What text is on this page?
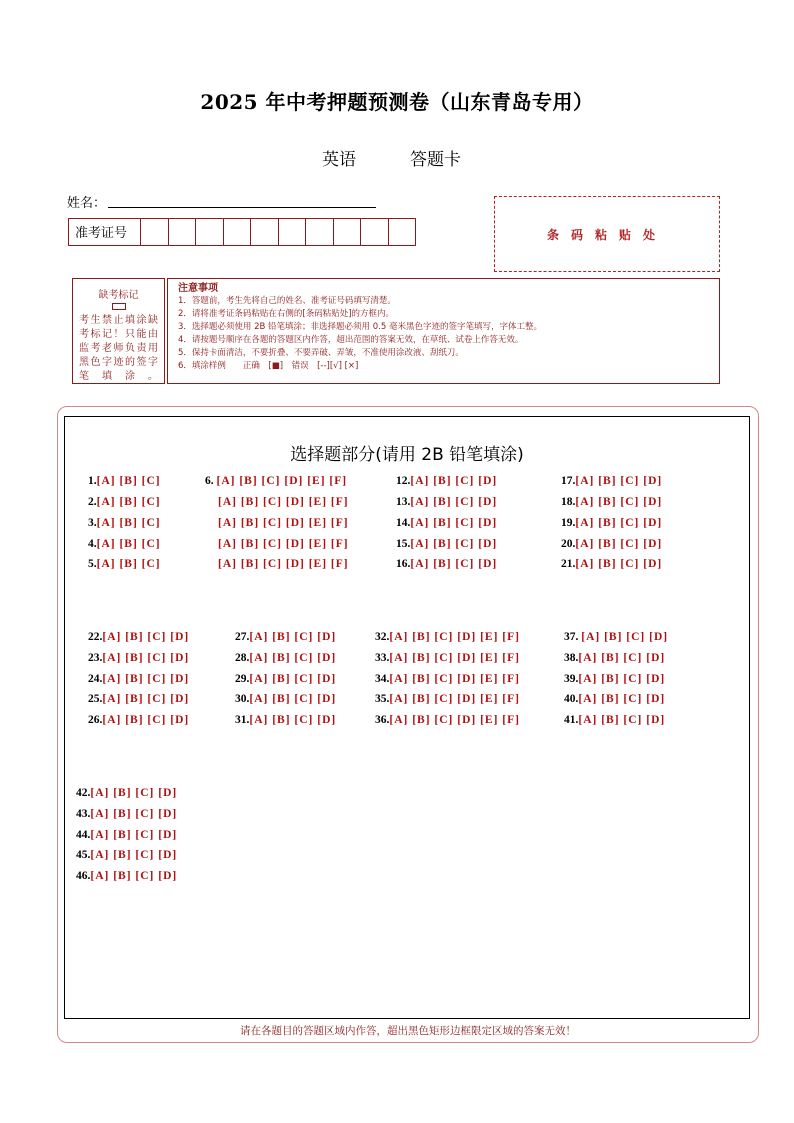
2025 年中考押题预测卷（山东青岛专用）
英语	答题卡
姓名：
准考证号	条码粘贴处
缺考标记
考生禁止填涂缺考标记！只能由监考老师负责用黑色字迹的签字笔填涂。
注意事项
1．答题前，考生先将自己的姓名、准考证号码填写清楚。
2．请将准考证条码粘贴在右侧的[条码粘贴处]的方框内。
3．选择题必须使用 2B 铅笔填涂；非选择题必须用 0.5 毫米黑色字迹的签字笔填写，字体工整。
4．请按题号顺序在各题的答题区内作答，超出范围的答案无效，在草纸、试卷上作答无效。
5．保持卡面清洁，不要折叠、不要弄破、弄皱，不准使用涂改液、刮纸刀。
6．填涂样例　　正确　[■]　错误　[--][√] [×]
选择题部分(请用 2B 铅笔填涂)
1.[A] [B] [C]
2.[A] [B] [C]
3.[A] [B] [C]
4.[A] [B] [C]
5.[A] [B] [C]
6. [A] [B] [C] [D] [E] [F]
[A] [B] [C] [D] [E] [F]
[A] [B] [C] [D] [E] [F]
[A] [B] [C] [D] [E] [F]
[A] [B] [C] [D] [E] [F]
12.[A] [B] [C] [D]
13.[A] [B] [C] [D]
14.[A] [B] [C] [D]
15.[A] [B] [C] [D]
16.[A] [B] [C] [D]
17.[A] [B] [C] [D]
18.[A] [B] [C] [D]
19.[A] [B] [C] [D]
20.[A] [B] [C] [D]
21.[A] [B] [C] [D]
22.[A] [B] [C] [D]
23.[A] [B] [C] [D]
24.[A] [B] [C] [D]
25.[A] [B] [C] [D]
26.[A] [B] [C] [D]
27.[A] [B] [C] [D]
28.[A] [B] [C] [D]
29.[A] [B] [C] [D]
30.[A] [B] [C] [D]
31.[A] [B] [C] [D]
32.[A] [B] [C] [D] [E] [F]
33.[A] [B] [C] [D] [E] [F]
34.[A] [B] [C] [D] [E] [F]
35.[A] [B] [C] [D] [E] [F]
36.[A] [B] [C] [D] [E] [F]
37. [A] [B] [C] [D]
38.[A] [B] [C] [D]
39.[A] [B] [C] [D]
40.[A] [B] [C] [D]
41.[A] [B] [C] [D]
42.[A] [B] [C] [D]
43.[A] [B] [C] [D]
44.[A] [B] [C] [D]
45.[A] [B] [C] [D]
46.[A] [B] [C] [D]
请在各题目的答题区域内作答，超出黑色矩形边框限定区域的答案无效！
